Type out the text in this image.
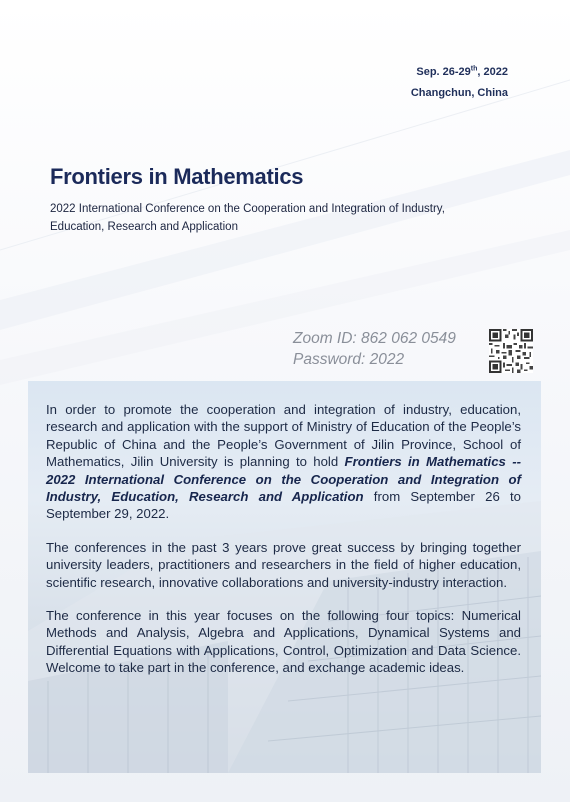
Sep. 26-29th, 2022
Changchun, China
Frontiers in Mathematics

2022 International Conference on the Cooperation and Integration of Industry, Education, Research and Application

Zoom ID: 862 062 0549
Password: 2022

In order to promote the cooperation and integration of industry, education, research and application with the support of Ministry of Education of the People’s Republic of China and the People’s Government of Jilin Province, School of Mathematics, Jilin University is planning to hold Frontiers in Mathematics -- 2022 International Conference on the Cooperation and Integration of Industry, Education, Research and Application from September 26 to September 29, 2022.

The conferences in the past 3 years prove great success by bringing together university leaders, practitioners and researchers in the field of higher education, scientific research, innovative collaborations and university-industry interaction.

The conference in this year focuses on the following four topics: Numerical Methods and Analysis, Algebra and Applications, Dynamical Systems and Differential Equations with Applications, Control, Optimization and Data Science. Welcome to take part in the conference, and exchange academic ideas.
